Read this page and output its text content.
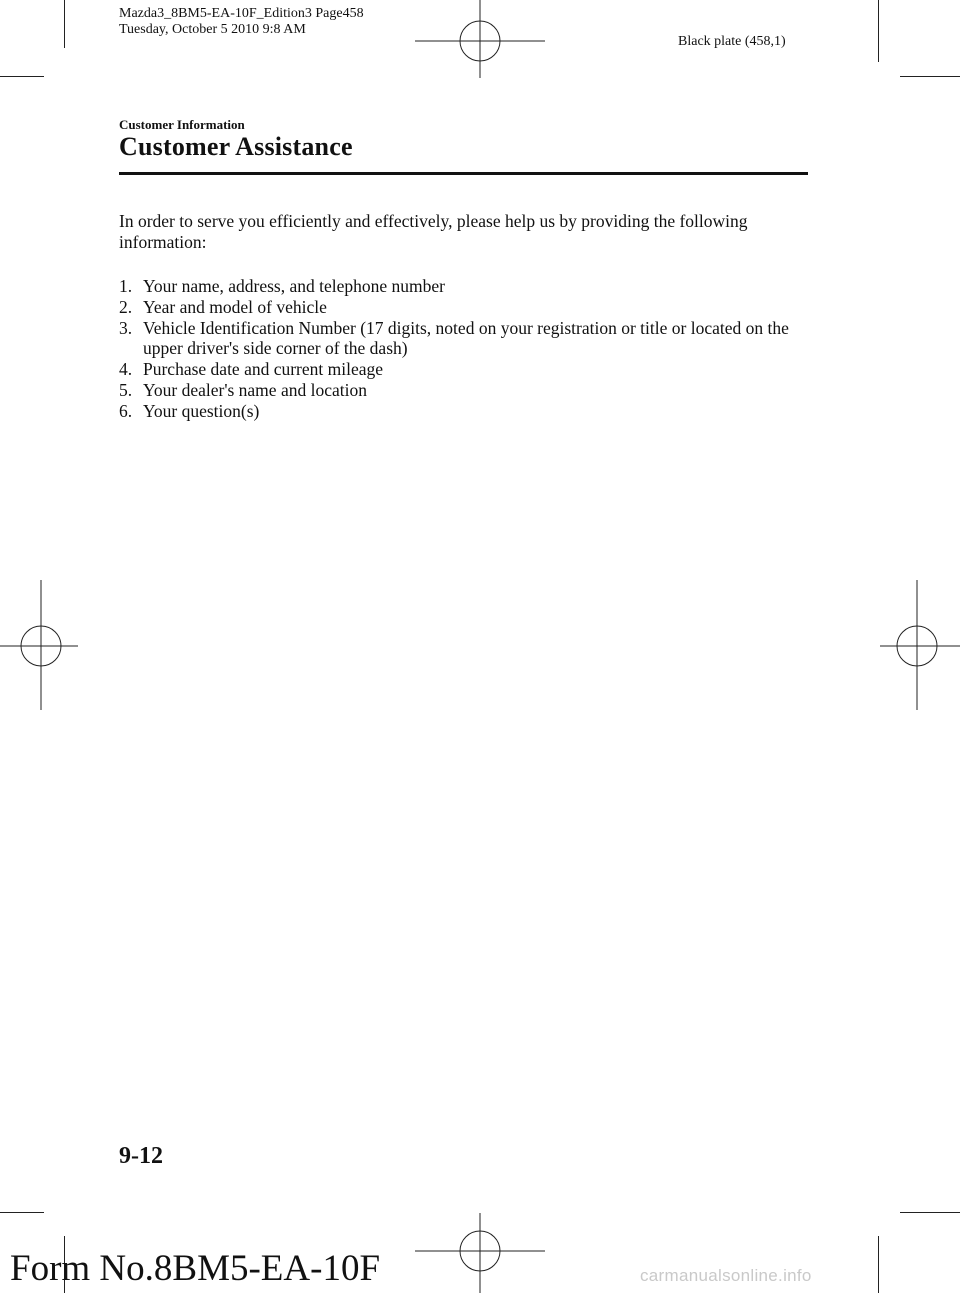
Mazda3_8BM5-EA-10F_Edition3 Page458
Tuesday, October 5 2010 9:8 AM
Black plate (458,1)
Customer Information
Customer Assistance
In order to serve you efficiently and effectively, please help us by providing the following information:
1. Your name, address, and telephone number
2. Year and model of vehicle
3. Vehicle Identification Number (17 digits, noted on your registration or title or located on the upper driver's side corner of the dash)
4. Purchase date and current mileage
5. Your dealer's name and location
6. Your question(s)
9-12
Form No.8BM5-EA-10F	carmanualsonline.info
